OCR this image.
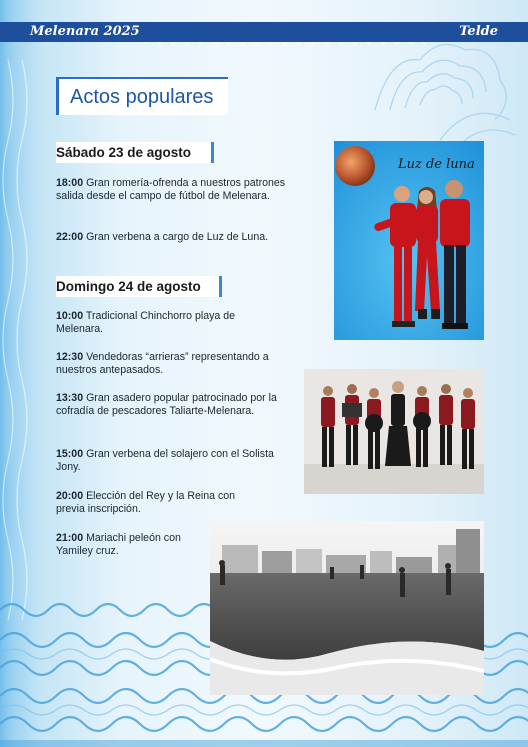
Melenara 2025	Telde
Actos populares
Sábado 23 de agosto
18:00 Gran romería-ofrenda a nuestros patrones salida desde el campo de fútbol de Melenara.
22:00 Gran verbena a cargo de Luz de Luna.
Domingo 24 de agosto
10:00 Tradicional Chinchorro playa de Melenara.
12:30 Vendedoras “arrieras” representando a nuestros antepasados.
13:30 Gran asadero popular patrocinado por la cofradía de pescadores Taliarte-Melenara.
15:00 Gran verbena del solajero con el Solista Jony.
20:00 Elección del Rey y la Reina con previa inscripción.
21:00 Mariachi peleón con Yamiley cruz.
Luz de luna
